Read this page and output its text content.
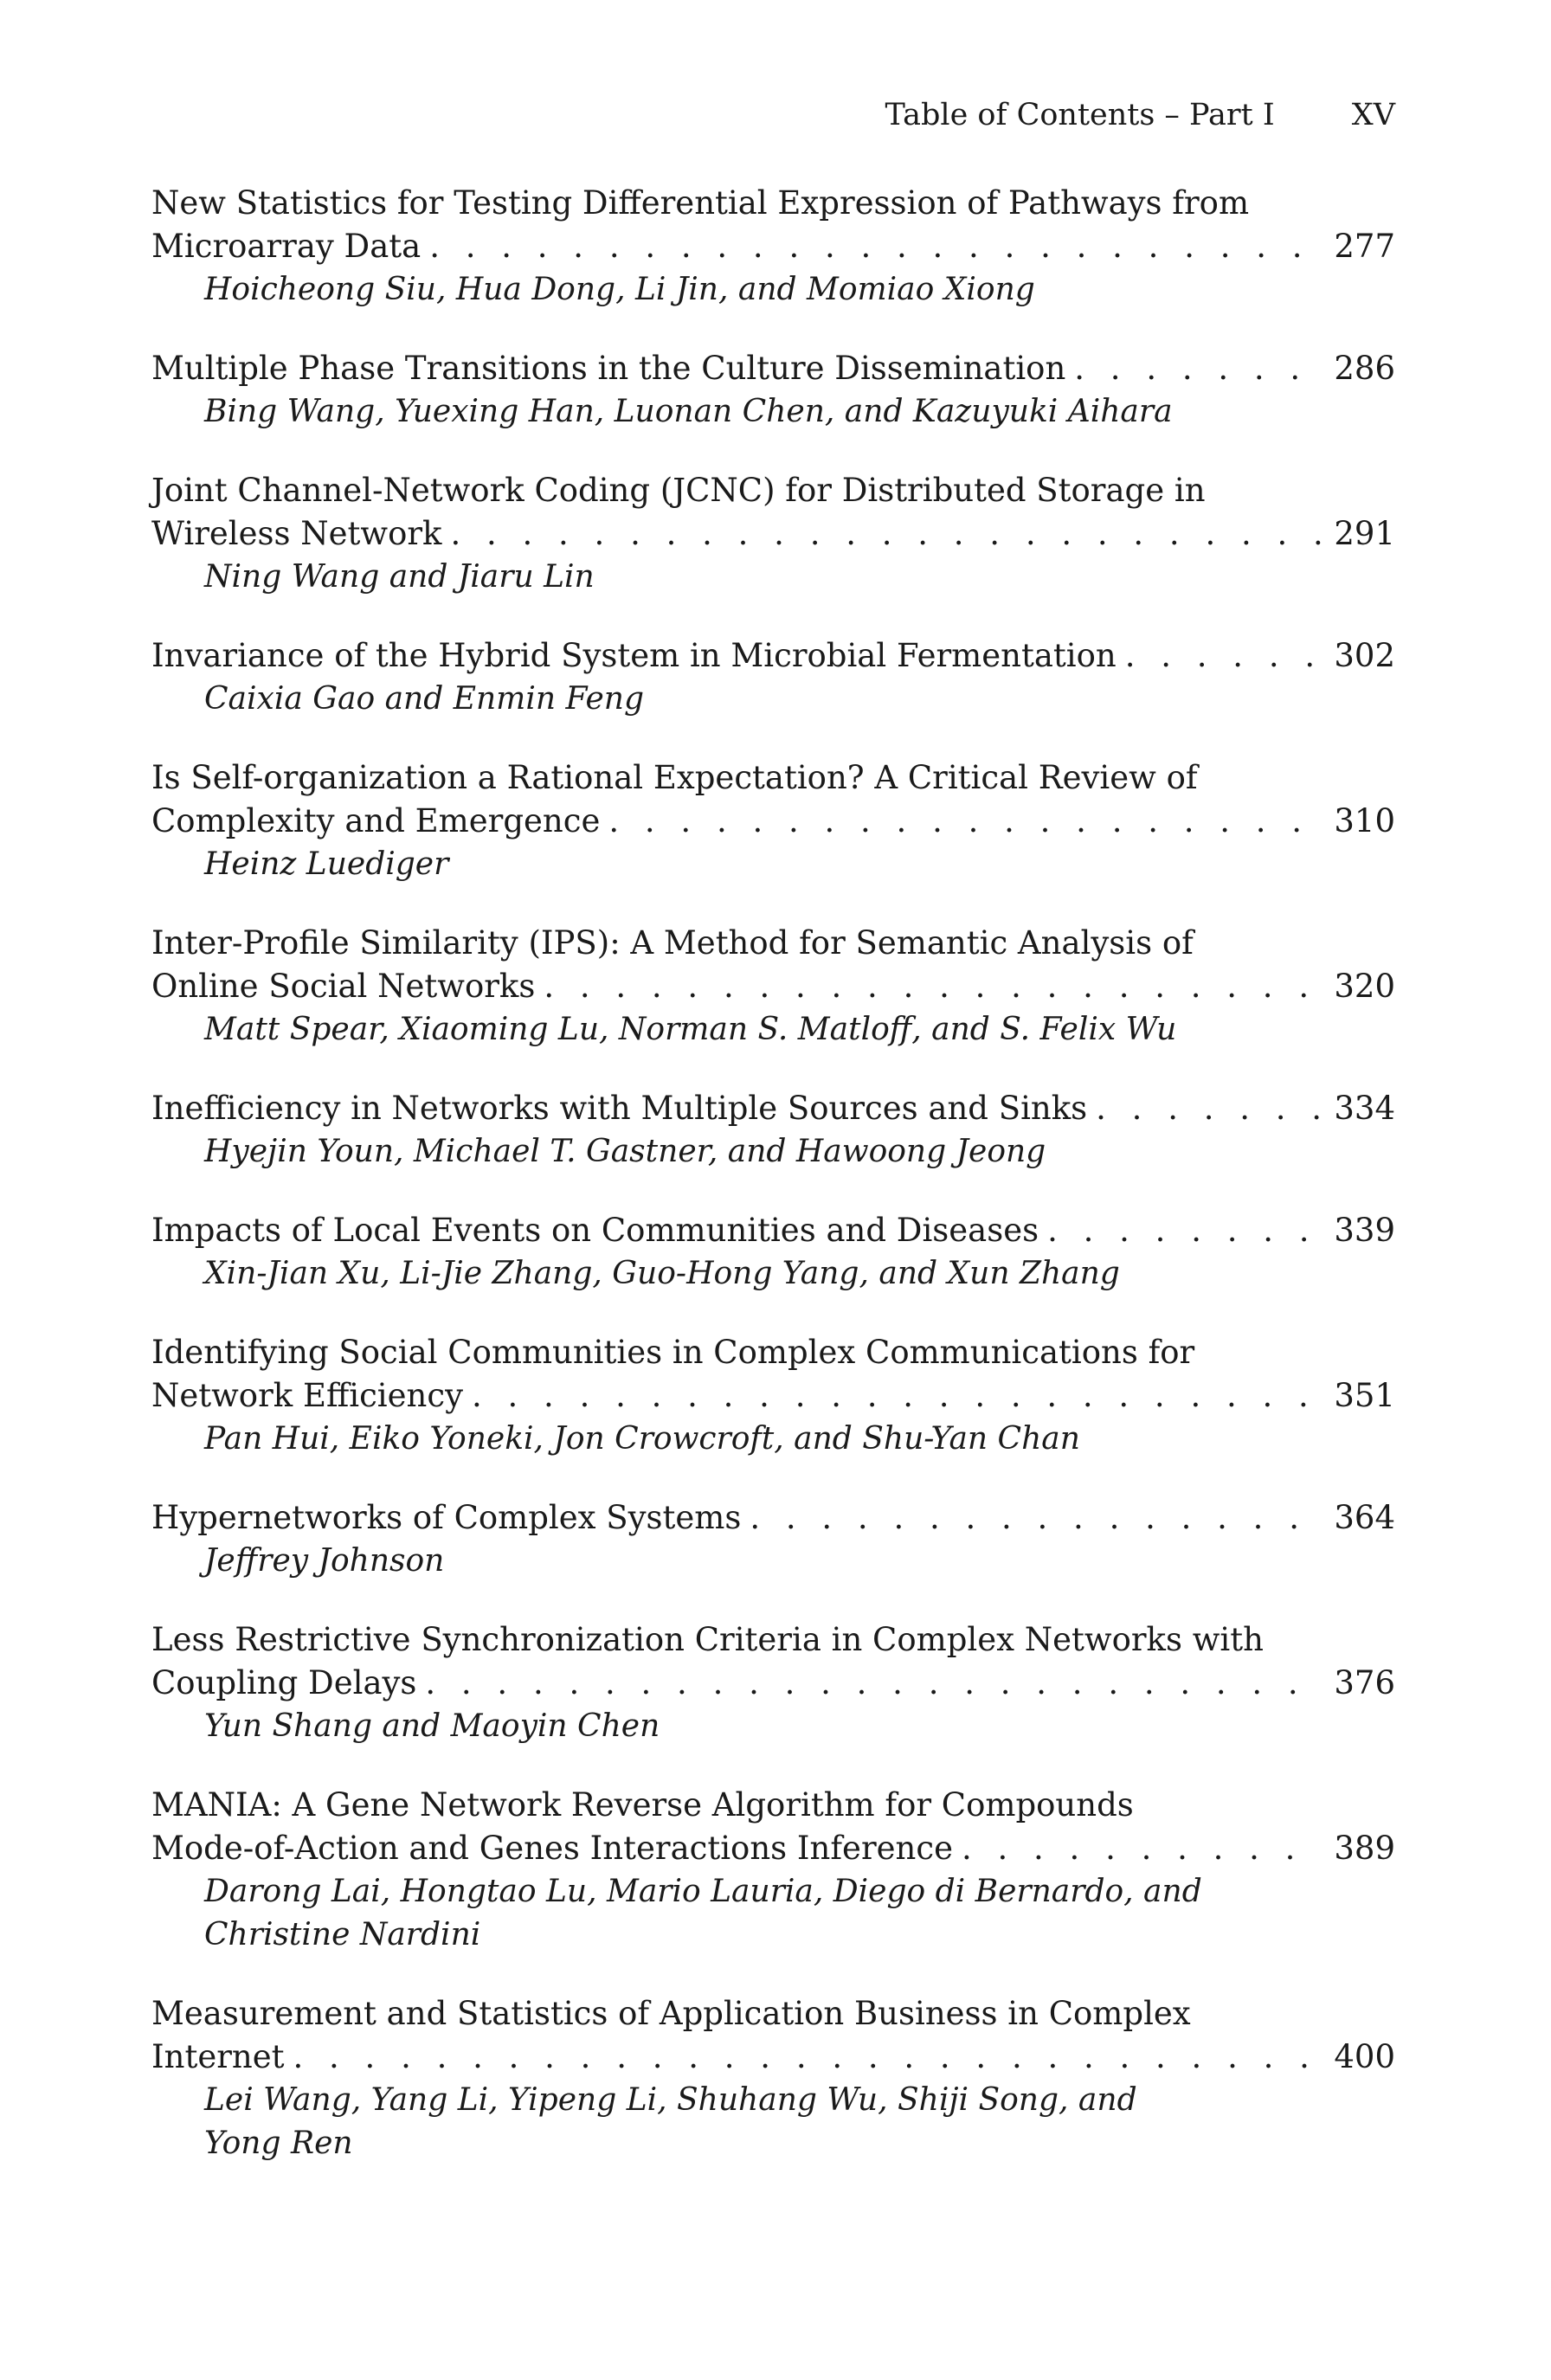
Table of Contents – Part I	XV
New Statistics for Testing Differential Expression of Pathways from
Microarray Data . . .	277
Hoicheong Siu, Hua Dong, Li Jin, and Momiao Xiong
Multiple Phase Transitions in the Culture Dissemination . . .	286
Bing Wang, Yuexing Han, Luonan Chen, and Kazuyuki Aihara
Joint Channel-Network Coding (JCNC) for Distributed Storage in
Wireless Network . . .	291
Ning Wang and Jiaru Lin
Invariance of the Hybrid System in Microbial Fermentation . . .	302
Caixia Gao and Enmin Feng
Is Self-organization a Rational Expectation? A Critical Review of
Complexity and Emergence . . .	310
Heinz Luediger
Inter-Profile Similarity (IPS): A Method for Semantic Analysis of
Online Social Networks . . .	320
Matt Spear, Xiaoming Lu, Norman S. Matloff, and S. Felix Wu
Inefficiency in Networks with Multiple Sources and Sinks . . .	334
Hyejin Youn, Michael T. Gastner, and Hawoong Jeong
Impacts of Local Events on Communities and Diseases . . .	339
Xin-Jian Xu, Li-Jie Zhang, Guo-Hong Yang, and Xun Zhang
Identifying Social Communities in Complex Communications for
Network Efficiency . . .	351
Pan Hui, Eiko Yoneki, Jon Crowcroft, and Shu-Yan Chan
Hypernetworks of Complex Systems . . .	364
Jeffrey Johnson
Less Restrictive Synchronization Criteria in Complex Networks with
Coupling Delays . . .	376
Yun Shang and Maoyin Chen
MANIA: A Gene Network Reverse Algorithm for Compounds
Mode-of-Action and Genes Interactions Inference . . .	389
Darong Lai, Hongtao Lu, Mario Lauria, Diego di Bernardo, and
Christine Nardini
Measurement and Statistics of Application Business in Complex
Internet . . .	400
Lei Wang, Yang Li, Yipeng Li, Shuhang Wu, Shiji Song, and
Yong Ren
